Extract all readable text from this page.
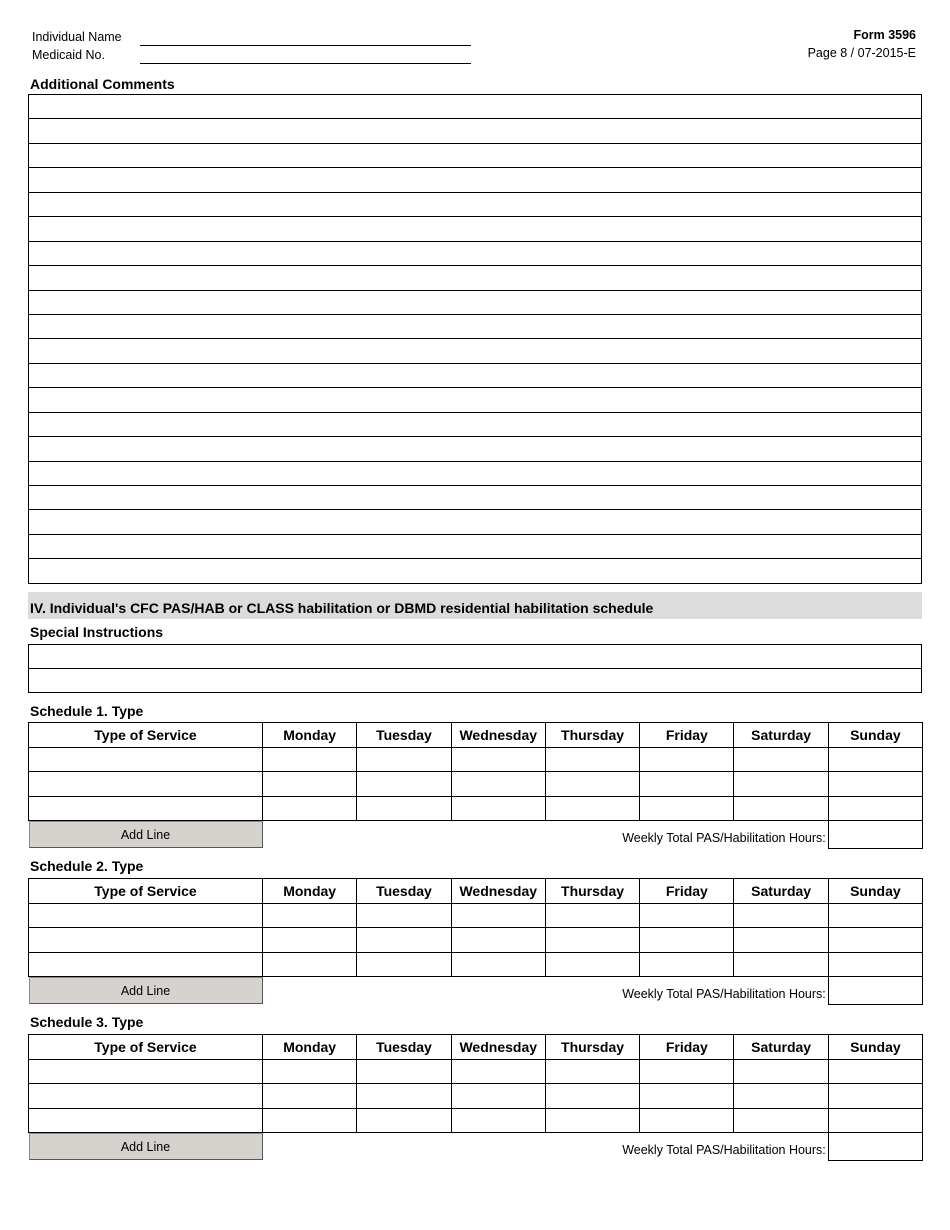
Individual Name
Medicaid No.
Form 3596
Page 8 / 07-2015-E
Additional Comments
IV. Individual's CFC PAS/HAB or CLASS habilitation or DBMD residential habilitation schedule
Special Instructions
Schedule 1. Type
Type of Service	Monday	Tuesday	Wednesday	Thursday	Friday	Saturday	Sunday

Add Line	Weekly Total PAS/Habilitation Hours:						
Schedule 2. Type
Type of Service	Monday	Tuesday	Wednesday	Thursday	Friday	Saturday	Sunday

Add Line	Weekly Total PAS/Habilitation Hours:						
Schedule 3. Type
Type of Service	Monday	Tuesday	Wednesday	Thursday	Friday	Saturday	Sunday

Add Line	Weekly Total PAS/Habilitation Hours:						
